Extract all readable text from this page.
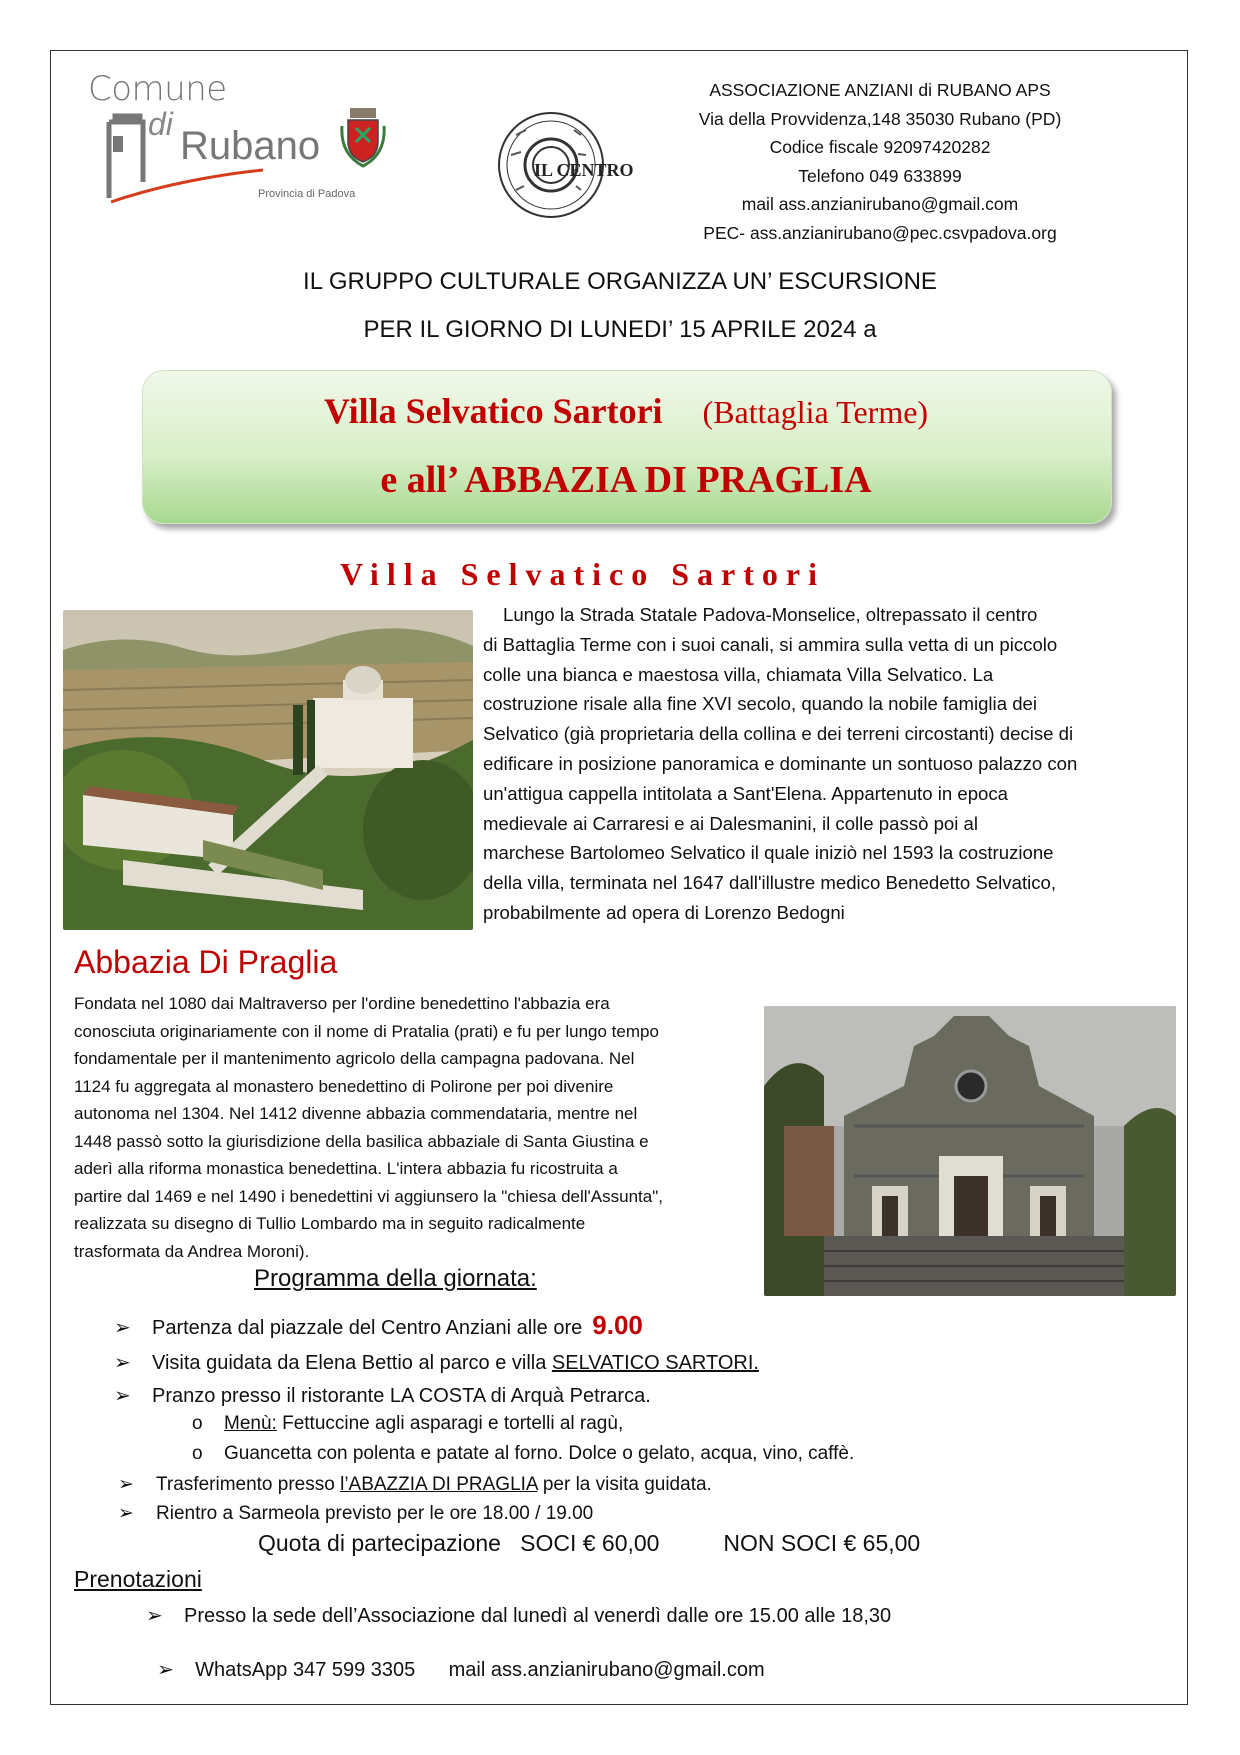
Comune
di Rubano
Provincia di Padova
IL CENTRO
ASSOCIAZIONE ANZIANI di RUBANO APS
Via della Provvidenza,148 35030 Rubano (PD)
Codice fiscale 92097420282
Telefono 049 633899
mail ass.anzianirubano@gmail.com
PEC- ass.anzianirubano@pec.csvpadova.org
IL GRUPPO CULTURALE ORGANIZZA UN’ ESCURSIONE
PER IL GIORNO DI LUNEDI’ 15 APRILE 2024 a
Villa Selvatico Sartori (Battaglia Terme)
e all’ ABBAZIA DI PRAGLIA
Villa Selvatico Sartori
Lungo la Strada Statale Padova-Monselice, oltrepassato il centro
di Battaglia Terme con i suoi canali, si ammira sulla vetta di un piccolo
colle una bianca e maestosa villa, chiamata Villa Selvatico. La
costruzione risale alla fine XVI secolo, quando la nobile famiglia dei
Selvatico (già proprietaria della collina e dei terreni circostanti) decise di
edificare in posizione panoramica e dominante un sontuoso palazzo con
un'attigua cappella intitolata a Sant'Elena. Appartenuto in epoca
medievale ai Carraresi e ai Dalesmanini, il colle passò poi al
marchese Bartolomeo Selvatico il quale iniziò nel 1593 la costruzione
della villa, terminata nel 1647 dall'illustre medico Benedetto Selvatico,
probabilmente ad opera di Lorenzo Bedogni
Abbazia Di Praglia
Fondata nel 1080 dai Maltraverso per l'ordine benedettino l'abbazia era
conosciuta originariamente con il nome di Pratalia (prati) e fu per lungo tempo
fondamentale per il mantenimento agricolo della campagna padovana. Nel
1124 fu aggregata al monastero benedettino di Polirone per poi divenire
autonoma nel 1304. Nel 1412 divenne abbazia commendataria, mentre nel
1448 passò sotto la giurisdizione della basilica abbaziale di Santa Giustina e
aderì alla riforma monastica benedettina. L'intera abbazia fu ricostruita a
partire dal 1469 e nel 1490 i benedettini vi aggiunsero la "chiesa dell'Assunta",
realizzata su disegno di Tullio Lombardo ma in seguito radicalmente
trasformata da Andrea Moroni).
Programma della giornata:
➢ Partenza dal piazzale del Centro Anziani alle ore 9.00
➢ Visita guidata da Elena Bettio al parco e villa SELVATICO SARTORI.
➢ Pranzo presso il ristorante LA COSTA di Arquà Petrarca.
o Menù: Fettuccine agli asparagi e tortelli al ragù,
o Guancetta con polenta e patate al forno. Dolce o gelato, acqua, vino, caffè.
➢ Trasferimento presso l’ABAZZIA DI PRAGLIA per la visita guidata.
➢ Rientro a Sarmeola previsto per le ore 18.00 / 19.00
Quota di partecipazione   SOCI € 60,00          NON SOCI € 65,00
Prenotazioni
➢ Presso la sede dell’Associazione dal lunedì al venerdì dalle ore 15.00 alle 18,30

➢ WhatsApp 347 599 3305      mail ass.anzianirubano@gmail.com
